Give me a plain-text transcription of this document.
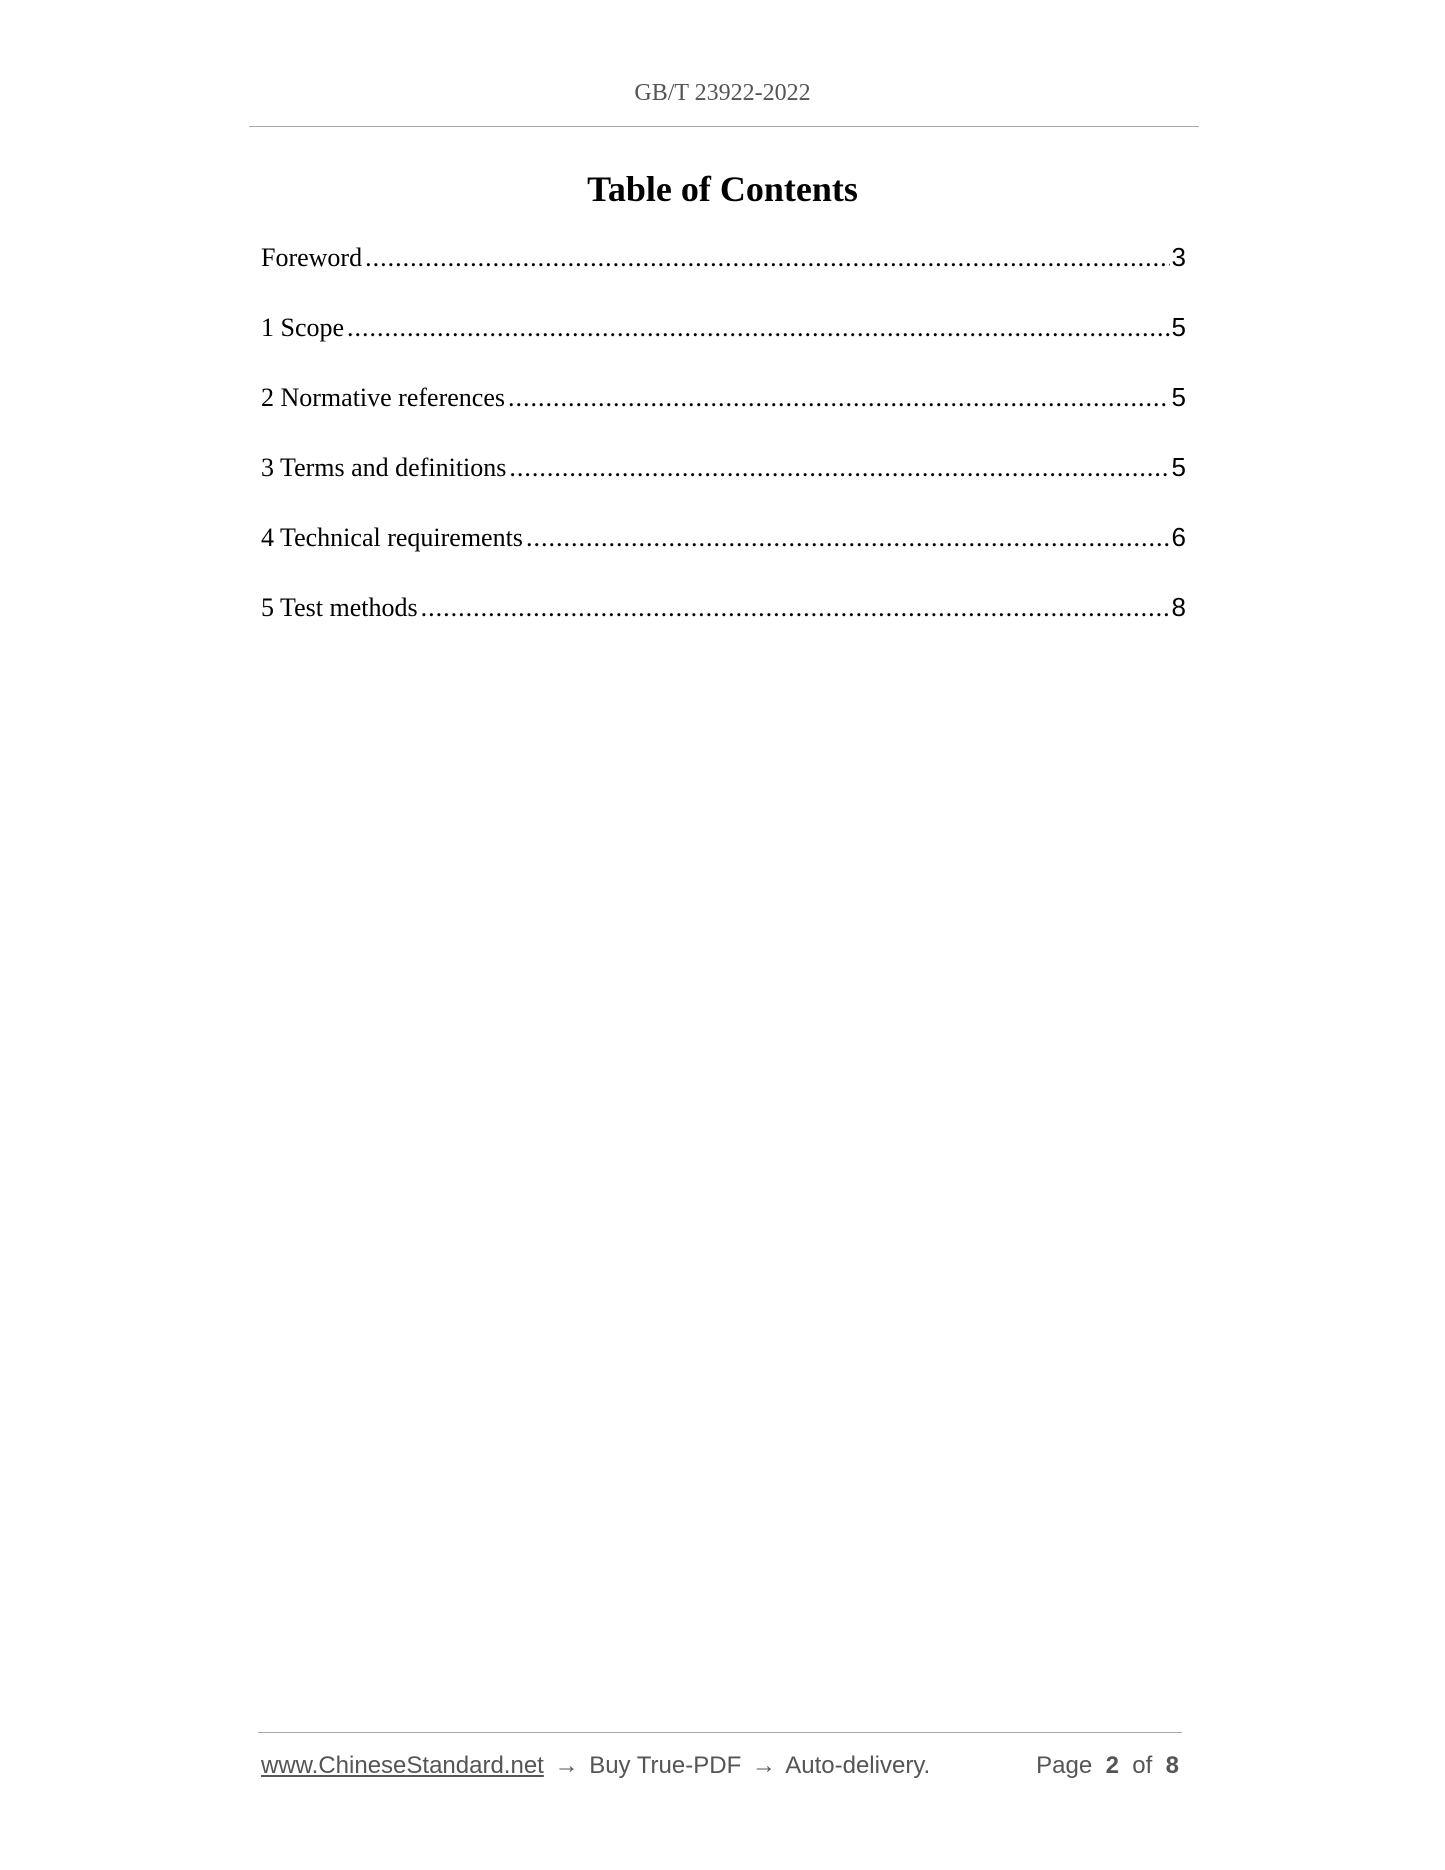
GB/T 23922-2022
Table of Contents
Foreword .....	3
1 Scope .....	5
2 Normative references .....	5
3 Terms and definitions .....	5
4 Technical requirements .....	6
5 Test methods .....	8
www.ChineseStandard.net → Buy True-PDF → Auto-delivery.	Page 2 of 8
